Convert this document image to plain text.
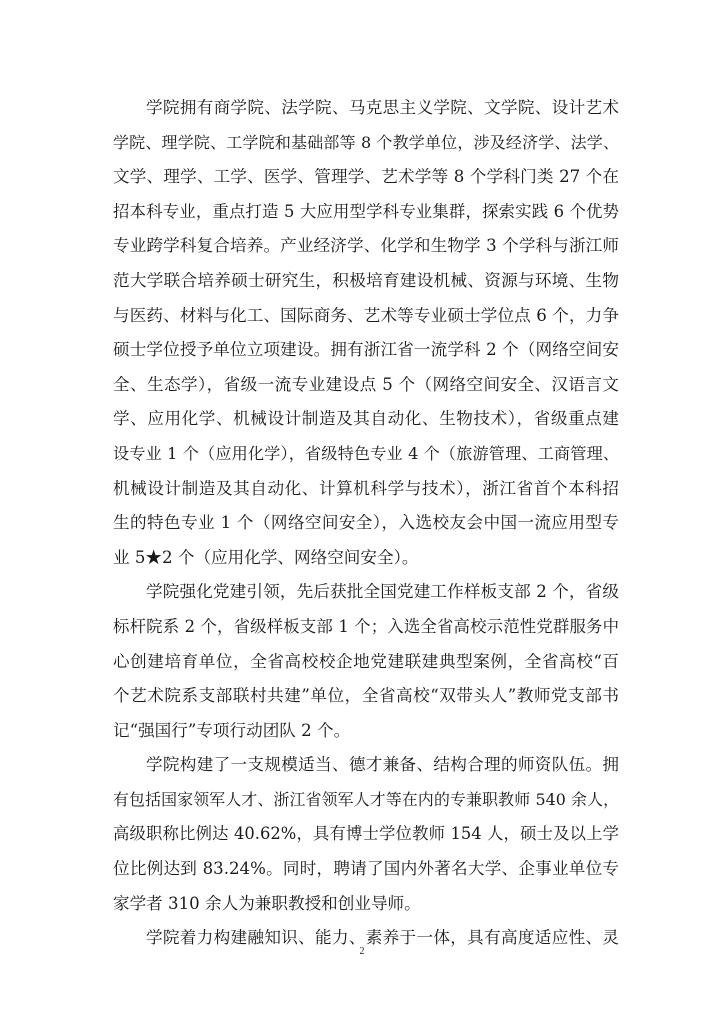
学院拥有商学院、法学院、马克思主义学院、文学院、设计艺术
学院、理学院、工学院和基础部等 8 个教学单位，涉及经济学、法学、
文学、理学、工学、医学、管理学、艺术学等 8 个学科门类 27 个在
招本科专业，重点打造 5 大应用型学科专业集群，探索实践 6 个优势
专业跨学科复合培养。产业经济学、化学和生物学 3 个学科与浙江师
范大学联合培养硕士研究生，积极培育建设机械、资源与环境、生物
与医药、材料与化工、国际商务、艺术等专业硕士学位点 6 个，力争
硕士学位授予单位立项建设。拥有浙江省一流学科 2 个（网络空间安
全、生态学），省级一流专业建设点 5 个（网络空间安全、汉语言文
学、应用化学、机械设计制造及其自动化、生物技术），省级重点建
设专业 1 个（应用化学），省级特色专业 4 个（旅游管理、工商管理、
机械设计制造及其自动化、计算机科学与技术），浙江省首个本科招
生的特色专业 1 个（网络空间安全），入选校友会中国一流应用型专
业 5★2 个（应用化学、网络空间安全）。
学院强化党建引领，先后获批全国党建工作样板支部 2 个，省级
标杆院系 2 个，省级样板支部 1 个；入选全省高校示范性党群服务中
心创建培育单位，全省高校校企地党建联建典型案例，全省高校“百
个艺术院系支部联村共建”单位，全省高校“双带头人”教师党支部书
记“强国行”专项行动团队 2 个。
学院构建了一支规模适当、德才兼备、结构合理的师资队伍。拥
有包括国家领军人才、浙江省领军人才等在内的专兼职教师 540 余人，
高级职称比例达 40.62%，具有博士学位教师 154 人，硕士及以上学
位比例达到 83.24%。同时，聘请了国内外著名大学、企事业单位专
家学者 310 余人为兼职教授和创业导师。
学院着力构建融知识、能力、素养于一体，具有高度适应性、灵
2
